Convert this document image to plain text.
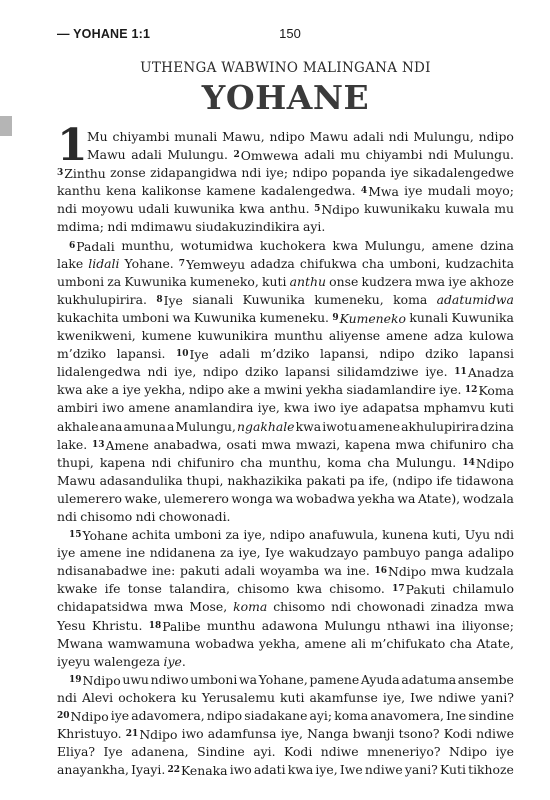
— YOHANE 1:1	150
UTHENGA WABWINO MALINGANA NDI
YOHANE
1 Mu chiyambi munali Mawu, ndipo Mawu adali ndi Mulungu, ndipo
Mawu adali Mulungu. $^2$Omwewa adali mu chiyambi ndi Mulungu.
$^3$Zinthu zonse zidapangidwa ndi iye; ndipo popanda iye sikadalengedwe
kanthu kena kalikonse kamene kadalengedwa. $^4$Mwa iye mudali moyo;
ndi moyowu udali kuwunika kwa anthu. $^5$Ndipo kuwunikaku kuwala mu
mdima; ndi mdimawu siudakuzindikira ayi.
$^6$Padali munthu, wotumidwa kuchokera kwa Mulungu, amene dzina
lake lidali Yohane. $^7$Yemweyu adadza chifukwa cha umboni, kudzachita
umboni za Kuwunika kumeneko, kuti anthu onse kudzera mwa iye akhoze
kukhulupirira. $^8$Iye sianali Kuwunika kumeneku, koma adatumidwa
kukachita umboni wa Kuwunika kumeneku. $^9$Kumeneko kunali Kuwunika
kwenikweni, kumene kuwunikira munthu aliyense amene adza kulowa
m’dziko lapansi. $^{10}$Iye adali m’dziko lapansi, ndipo dziko lapansi
lidalengedwa ndi iye, ndipo dziko lapansi silidamdziwe iye. $^{11}$Anadza
kwa ake a iye yekha, ndipo ake a mwini yekha siadamlandire iye. $^{12}$Koma
ambiri iwo amene anamlandira iye, kwa iwo iye adapatsa mphamvu kuti
akhale ana amuna a Mulungu, ngakhale kwa iwotu amene akhulupirira dzina
lake. $^{13}$Amene anabadwa, osati mwa mwazi, kapena mwa chifuniro cha
thupi, kapena ndi chifuniro cha munthu, koma cha Mulungu. $^{14}$Ndipo
Mawu adasandulika thupi, nakhazikika pakati pa ife, (ndipo ife tidawona
ulemerero wake, ulemerero wonga wa wobadwa yekha wa Atate), wodzala
ndi chisomo ndi chowonadi.
$^{15}$Yohane achita umboni za iye, ndipo anafuwula, kunena kuti, Uyu ndi
iye amene ine ndidanena za iye, Iye wakudzayo pambuyo panga adalipo
ndisanabadwe ine: pakuti adali woyamba wa ine. $^{16}$Ndipo mwa kudzala
kwake ife tonse talandira, chisomo kwa chisomo. $^{17}$Pakuti chilamulo
chidapatsidwa mwa Mose, koma chisomo ndi chowonadi zinadza mwa
Yesu Khristu. $^{18}$Palibe munthu adawona Mulungu nthawi ina iliyonse;
Mwana wamwamuna wobadwa yekha, amene ali m’chifukato cha Atate,
iyeyu walengeza iye.
$^{19}$Ndipo uwu ndiwo umboni wa Yohane, pamene Ayuda adatuma ansembe
ndi Alevi ochokera ku Yerusalemu kuti akamfunse iye, Iwe ndiwe yani?
$^{20}$Ndipo iye adavomera, ndipo siadakane ayi; koma anavomera, Ine sindine
Khristuyo. $^{21}$Ndipo iwo adamfunsa iye, Nanga bwanji tsono? Kodi ndiwe
Eliya? Iye adanena, Sindine ayi. Kodi ndiwe mneneriyo? Ndipo iye
anayankha, Iyayi. $^{22}$Kenaka iwo adati kwa iye, Iwe ndiwe yani? Kuti tikhoze
